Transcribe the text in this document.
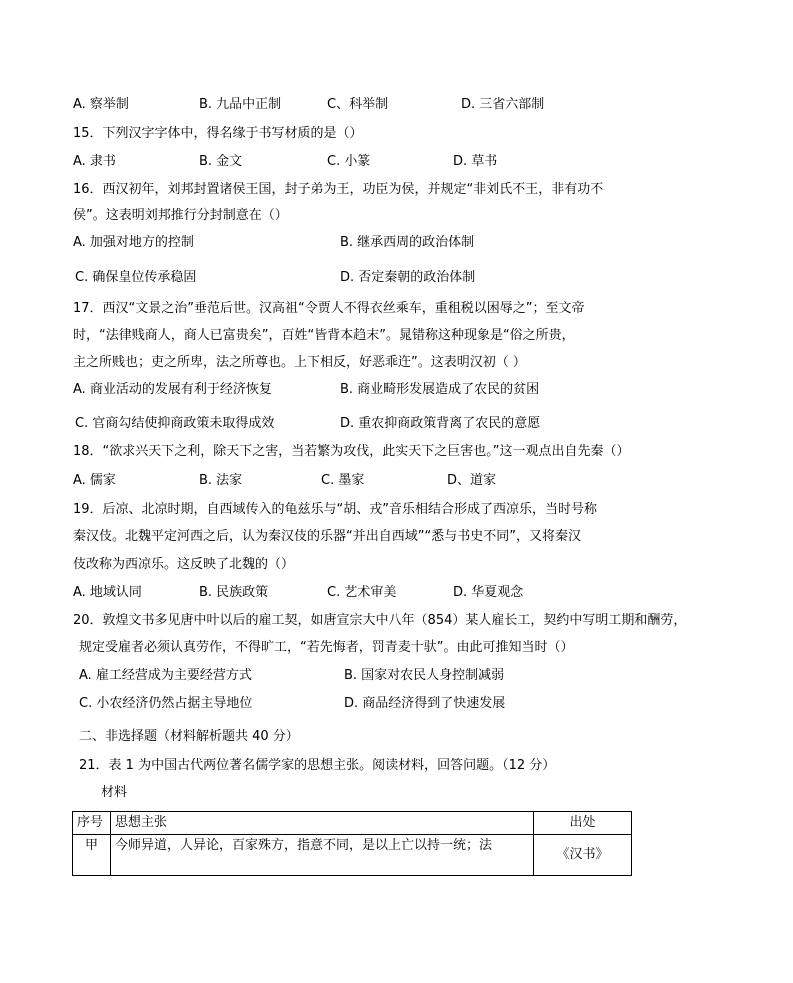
A. 察举制	B. 九品中正制	C、科举制	D. 三省六部制
15．下列汉字字体中，得名缘于书写材质的是（）
A. 隶书	B. 金文	C. 小篆	D. 草书
16．西汉初年，刘邦封置诸侯王国，封子弟为王，功臣为侯，并规定“非刘氏不王，非有功不
侯”。这表明刘邦推行分封制意在（）
A. 加强对地方的控制	B. 继承西周的政治体制
C. 确保皇位传承稳固	D. 否定秦朝的政治体制
17．西汉“文景之治”垂范后世。汉高祖“令贾人不得衣丝乘车，重租税以困辱之”；至文帝
时，“法律贱商人，商人已富贵矣”，百姓“皆背本趋末”。晁错称这种现象是“俗之所贵，
主之所贱也；吏之所卑，法之所尊也。上下相反，好恶乖迕”。这表明汉初（ ）
A. 商业活动的发展有利于经济恢复	B. 商业畸形发展造成了农民的贫困
C. 官商勾结使抑商政策未取得成效	D. 重农抑商政策背离了农民的意愿
18．“欲求兴天下之利，除天下之害，当若繁为攻伐，此实天下之巨害也。”这一观点出自先秦（）
A. 儒家	B. 法家	C. 墨家	D、道家
19．后凉、北凉时期，自西域传入的龟兹乐与“胡、戎”音乐相结合形成了西凉乐，当时号称
秦汉伎。北魏平定河西之后，认为秦汉伎的乐器“并出自西域”“悉与书史不同”，又将秦汉
伎改称为西凉乐。这反映了北魏的（）
A. 地域认同	B. 民族政策	C. 艺术审美	D. 华夏观念
20．敦煌文书多见唐中叶以后的雇工契，如唐宣宗大中八年（854）某人雇长工，契约中写明工期和酬劳，
规定受雇者必须认真劳作，不得旷工，“若先悔者，罚青麦十驮”。由此可推知当时（）
A. 雇工经营成为主要经营方式	B. 国家对农民人身控制减弱
C. 小农经济仍然占据主导地位	D. 商品经济得到了快速发展
二、非选择题（材料解析题共 40 分）
21．表 1 为中国古代两位著名儒学家的思想主张。阅读材料，回答问题。（12 分）
材料
序号	思想主张	出处
甲	今师异道，人异论，百家殊方，指意不同，是以上亡以持一统；法	《汉书》
